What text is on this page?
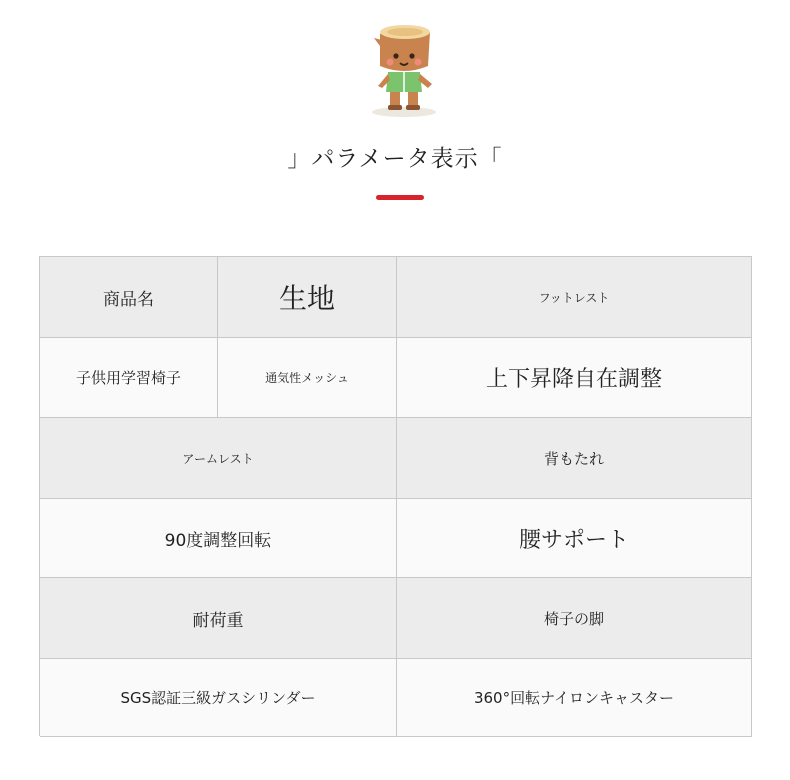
」パラメータ表示「
商品名	生地	フットレスト
子供用学習椅子	通気性メッシュ	上下昇降自在調整
アームレスト	背もたれ
90度調整回転	腰サポート
耐荷重	椅子の脚
SGS認証三級ガスシリンダー	360°回転ナイロンキャスター
